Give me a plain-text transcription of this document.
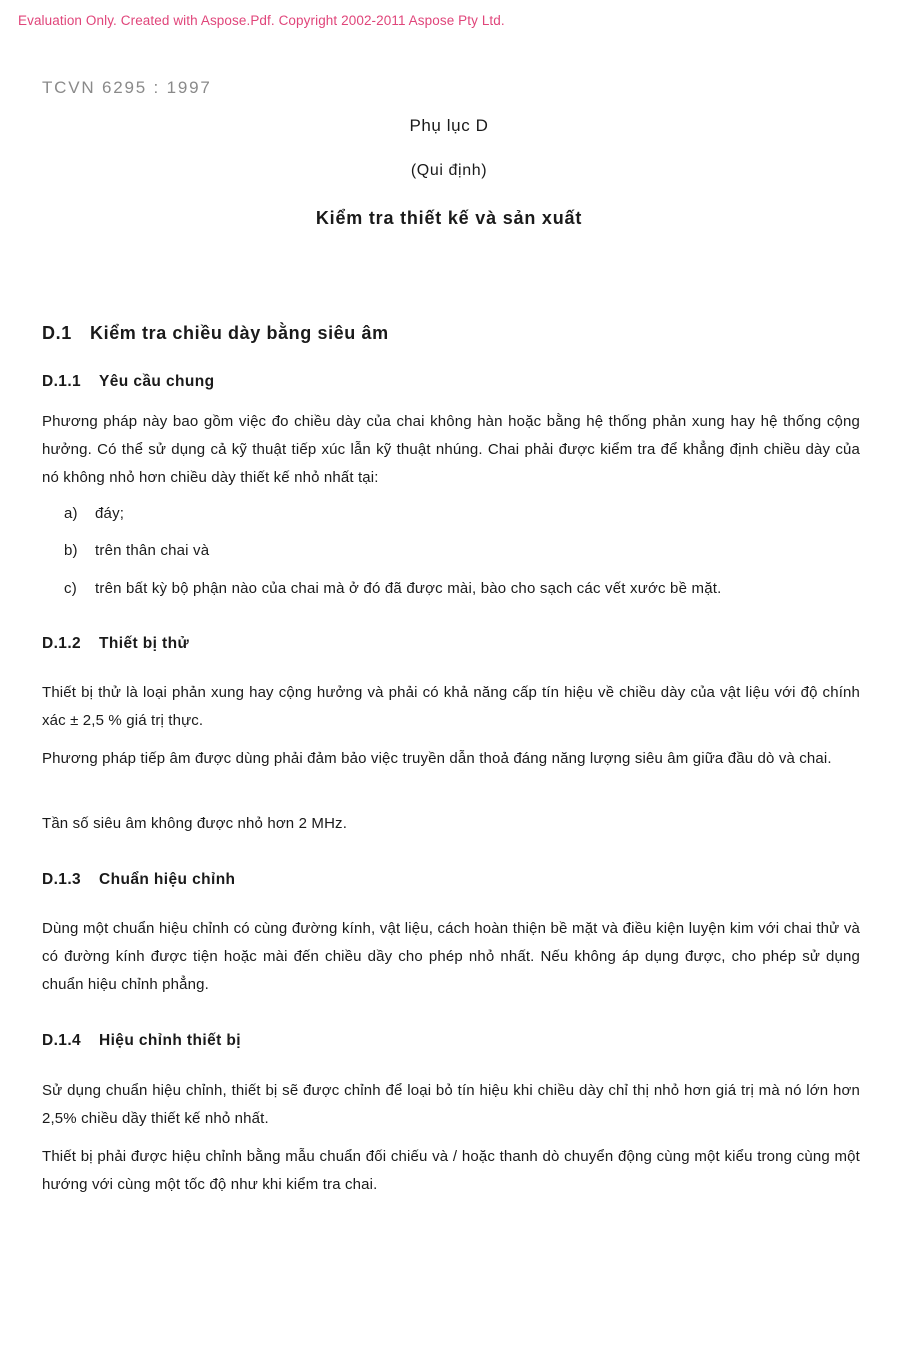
Evaluation Only. Created with Aspose.Pdf. Copyright 2002-2011 Aspose Pty Ltd.
TCVN 6295 : 1997
Phụ lục D
(Qui định)
Kiểm tra thiết kế và sản xuất
D.1 Kiểm tra chiều dày bằng siêu âm
D.1.1 Yêu cầu chung
Phương pháp này bao gồm việc đo chiều dày của chai không hàn hoặc bằng hệ thống phản xung hay hệ thống cộng hưởng. Có thể sử dụng cả kỹ thuật tiếp xúc lẫn kỹ thuật nhúng. Chai phải được kiểm tra để khẳng định chiều dày của nó không nhỏ hơn chiều dày thiết kế nhỏ nhất tại:
a) đáy;
b) trên thân chai và
c) trên bất kỳ bộ phận nào của chai mà ở đó đã được mài, bào cho sạch các vết xước bề mặt.
D.1.2 Thiết bị thử
Thiết bị thử là loại phản xung hay cộng hưởng và phải có khả năng cấp tín hiệu về chiều dày của vật liệu với độ chính xác ± 2,5 % giá trị thực.
Phương pháp tiếp âm được dùng phải đảm bảo việc truyền dẫn thoả đáng năng lượng siêu âm giữa đầu dò và chai.
Tần số siêu âm không được nhỏ hơn 2 MHz.
D.1.3 Chuẩn hiệu chỉnh
Dùng một chuẩn hiệu chỉnh có cùng đường kính, vật liệu, cách hoàn thiện bề mặt và điều kiện luyện kim với chai thử và có đường kính được tiện hoặc mài đến chiều dầy cho phép nhỏ nhất. Nếu không áp dụng được, cho phép sử dụng chuẩn hiệu chỉnh phẳng.
D.1.4 Hiệu chỉnh thiết bị
Sử dụng chuẩn hiệu chỉnh, thiết bị sẽ được chỉnh để loại bỏ tín hiệu khi chiều dày chỉ thị nhỏ hơn giá trị mà nó lớn hơn 2,5% chiều dầy thiết kế nhỏ nhất.
Thiết bị phải được hiệu chỉnh bằng mẫu chuẩn đối chiếu và / hoặc thanh dò chuyển động cùng một kiểu trong cùng một hướng với cùng một tốc độ như khi kiểm tra chai.
